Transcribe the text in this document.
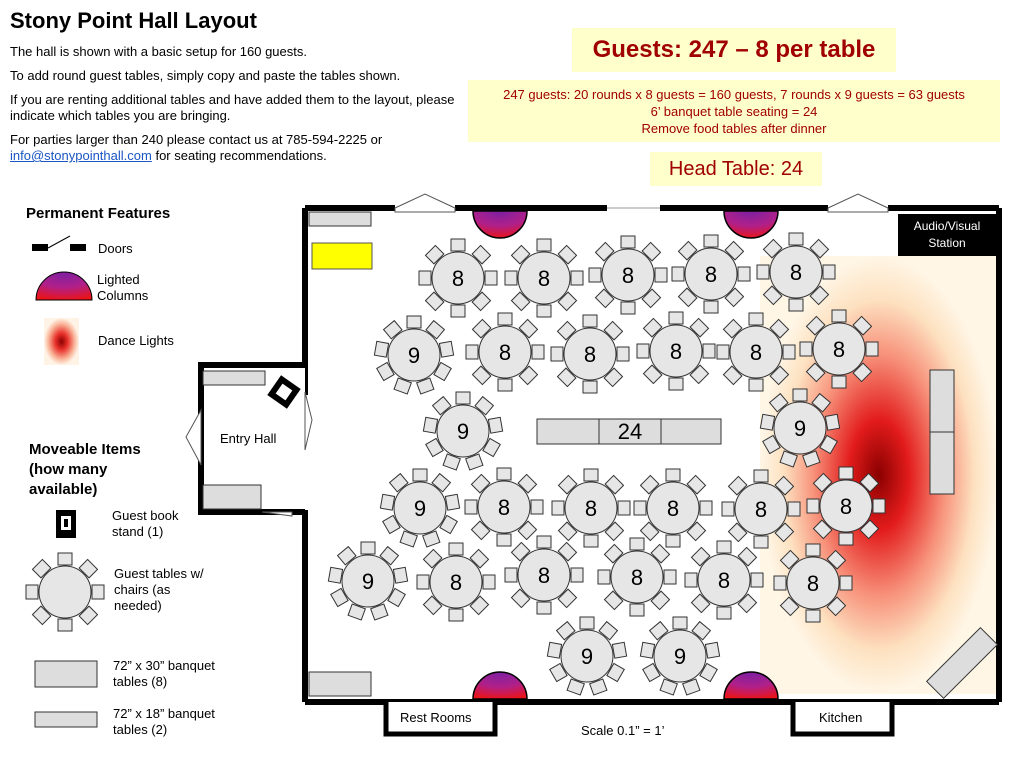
8	8	8	8	8
9	8	8	8	8	8
9	9
9	8	8	8	8	8
9	8	8	8	8	8
9	9
Stony Point Hall Layout

The hall is shown with a basic setup for 160 guests.

To add round guest tables, simply copy and paste the tables shown.

If you are renting additional tables and have added them to the layout, please indicate which tables you are bringing.

For parties larger than 240 please contact us at 785-594-2225 or
info@stonypointhall.com for seating recommendations.

Guests: 247 – 8 per table
247 guests: 20 rounds x 8 guests = 160 guests, 7 rounds x 9 guests = 63 guests
6’ banquet table seating = 24
Remove food tables after dinner
Head Table: 24
Permanent Features
Doors
Lighted Columns
Dance Lights
Moveable Items (how many available)
Guest book stand (1)
Guest tables w/ chairs (as needed)
72” x 30” banquet tables (8)
72” x 18” banquet tables (2)
Entry Hall
Audio/Visual Station
Rest Rooms	Kitchen
Scale 0.1” = 1’
24
